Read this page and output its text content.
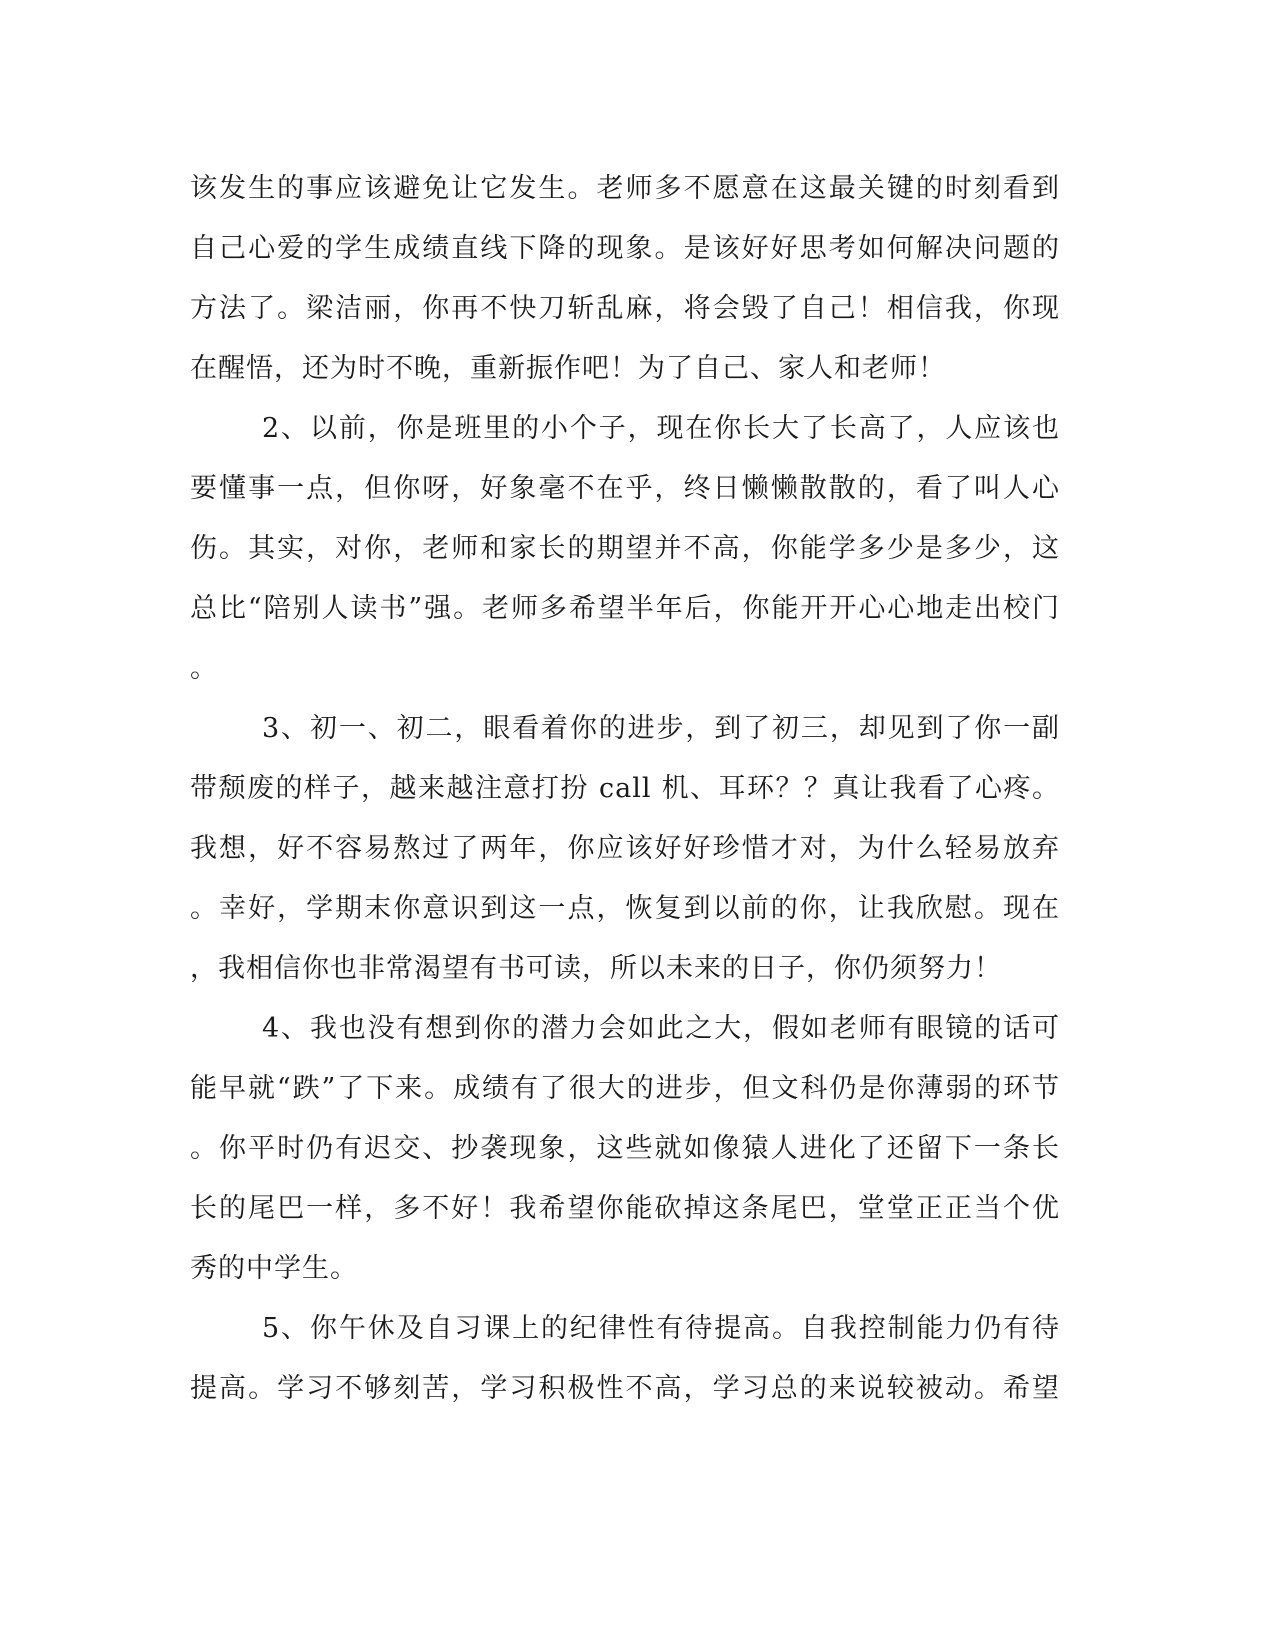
该发生的事应该避免让它发生。老师多不愿意在这最关键的时刻看到
自己心爱的学生成绩直线下降的现象。是该好好思考如何解决问题的
方法了。梁洁丽，你再不快刀斩乱麻，将会毁了自己！相信我，你现
在醒悟，还为时不晚，重新振作吧！为了自己、家人和老师！
2、以前，你是班里的小个子，现在你长大了长高了，人应该也
要懂事一点，但你呀，好象毫不在乎，终日懒懒散散的，看了叫人心
伤。其实，对你，老师和家长的期望并不高，你能学多少是多少，这
总比“陪别人读书”强。老师多希望半年后，你能开开心心地走出校门
。
3、初一、初二，眼看着你的进步，到了初三，却见到了你一副
带颓废的样子，越来越注意打扮 call 机、耳环？？真让我看了心疼。
我想，好不容易熬过了两年，你应该好好珍惜才对，为什么轻易放弃
。幸好，学期末你意识到这一点，恢复到以前的你，让我欣慰。现在
，我相信你也非常渴望有书可读，所以未来的日子，你仍须努力！
4、我也没有想到你的潜力会如此之大，假如老师有眼镜的话可
能早就“跌”了下来。成绩有了很大的进步，但文科仍是你薄弱的环节
。你平时仍有迟交、抄袭现象，这些就如像猿人进化了还留下一条长
长的尾巴一样，多不好！我希望你能砍掉这条尾巴，堂堂正正当个优
秀的中学生。
5、你午休及自习课上的纪律性有待提高。自我控制能力仍有待
提高。学习不够刻苦，学习积极性不高，学习总的来说较被动。希望
